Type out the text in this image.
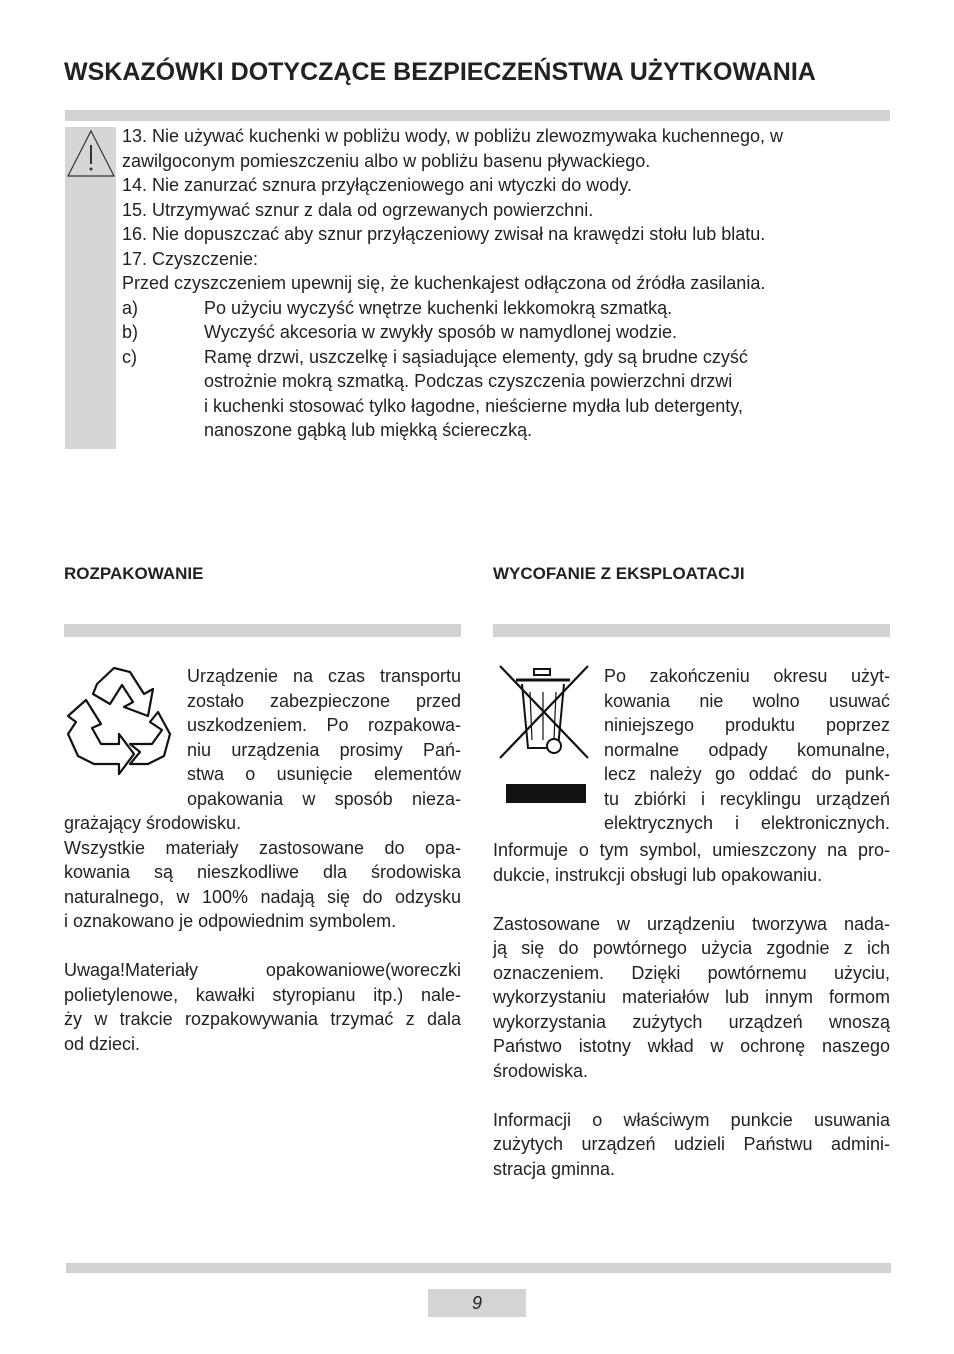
WSKAZÓWKI DOTYCZĄCE BEZPIECZEŃSTWA UŻYTKOWANIA

13. Nie używać kuchenki w pobliżu wody, w pobliżu zlewozmywaka kuchennego, w

zawilgoconym pomieszczeniu albo w pobliżu basenu pływackiego.

14. Nie zanurzać sznura przyłączeniowego ani wtyczki do wody.

15. Utrzymywać sznur z dala od ogrzewanych powierzchni.

16. Nie dopuszczać aby sznur przyłączeniowy zwisał na krawędzi stołu lub blatu.

17. Czyszczenie:

Przed czyszczeniem upewnij się, że kuchenkajest odłączona od źródła zasilania.

a)	Po użyciu wyczyść wnętrze kuchenki lekkomokrą szmatką.
b)	Wyczyść akcesoria w zwykły sposób w namydlonej wodzie.
c)	Ramę drzwi, uszczelkę i sąsiadujące elementy, gdy są brudne czyść
ostrożnie mokrą szmatką. Podczas czyszczenia powierzchni drzwi
i kuchenki stosować tylko łagodne, nieścierne mydła lub detergenty,
nanoszone gąbką lub miękką ściereczką.
ROZPAKOWANIE	WYCOFANIE Z EKSPLOATACJI

Urządzenie na czas transportu

zostało zabezpieczone przed

uszkodzeniem. Po rozpakowa-

niu urządzenia prosimy Pań-

stwa o usunięcie elementów

opakowania w sposób nieza-

grażający środowisku.

Wszystkie materiały zastosowane do opa-

kowania są nieszkodliwe dla środowiska

naturalnego, w 100% nadają się do odzysku

i oznakowano je odpowiednim symbolem.

Uwaga!Materiały opakowaniowe(woreczki

polietylenowe, kawałki styropianu itp.) nale-

ży w trakcie rozpakowywania trzymać z dala

od dzieci.

Po zakończeniu okresu użyt-

kowania nie wolno usuwać

niniejszego produktu poprzez

normalne odpady komunalne,

lecz należy go oddać do punk-

tu zbiórki i recyklingu urządzeń

elektrycznych i elektronicznych.

Informuje o tym symbol, umieszczony na pro-

dukcie, instrukcji obsługi lub opakowaniu.

Zastosowane w urządzeniu tworzywa nada-

ją się do powtórnego użycia zgodnie z ich

oznaczeniem. Dzięki powtórnemu użyciu,

wykorzystaniu materiałów lub innym formom

wykorzystania zużytych urządzeń wnoszą

Państwo istotny wkład w ochronę naszego

środowiska.

Informacji o właściwym punkcie usuwania

zużytych urządzeń udzieli Państwu admini-

stracja gminna.

9
